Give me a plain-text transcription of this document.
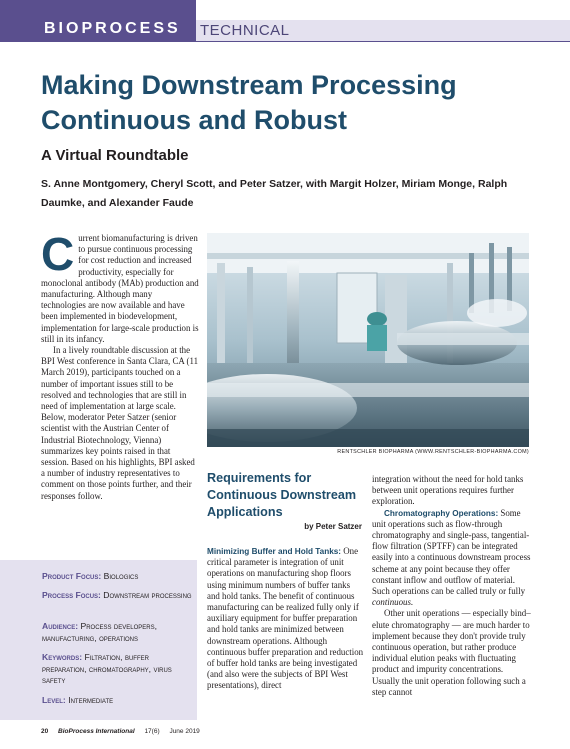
BIOPROCESS TECHNICAL
Making Downstream Processing Continuous and Robust
A Virtual Roundtable
S. Anne Montgomery, Cheryl Scott, and Peter Satzer, with Margit Holzer, Miriam Monge, Ralph Daumke, and Alexander Faude

Current biomanufacturing is driven to pursue continuous processing for cost reduction and increased productivity, especially for monoclonal antibody (MAb) production and manufacturing. Although many technologies are now available and have been implemented in biodevelopment, implementation for large-scale production is still in its infancy.

In a lively roundtable discussion at the BPI West conference in Santa Clara, CA (11 March 2019), participants touched on a number of important issues still to be resolved and technologies that are still in need of implementation at large scale. Below, moderator Peter Satzer (senior scientist with the Austrian Center of Industrial Biotechnology, Vienna) summarizes key points raised in that session. Based on his highlights, BPI asked a number of industry representatives to comment on those points further, and their responses follow.

RENTSCHLER BIOPHARMA (WWW.RENTSCHLER-BIOPHARMA.COM)
Requirements for Continuous Downstream Applications
by Peter Satzer

Minimizing Buffer and Hold Tanks: One critical parameter is integration of unit operations on manufacturing shop floors using minimum numbers of buffer tanks and hold tanks. The benefit of continuous manufacturing can be realized fully only if auxiliary equipment for buffer preparation and hold tanks are minimized between downstream operations. Although continuous buffer preparation and reduction of buffer hold tanks are being investigated (and also were the subjects of BPI West presentations), direct

integration without the need for hold tanks between unit operations requires further exploration.

Chromatography Operations: Some unit operations such as flow-through chromatography and single-pass, tangential-flow filtration (SPTFF) can be integrated easily into a continuous downstream process scheme at any point because they offer constant inflow and outflow of material. Such operations can be called truly or fully continuous.

Other unit operations — especially bind–elute chromatography — are much harder to implement because they don't provide truly continuous operation, but rather produce individual elution peaks with fluctuating product and impurity concentrations. Usually the unit operation following such a step cannot

Product Focus: Biologics
Process Focus: Downstream processing
Audience: Process developers, manufacturing, operations
Keywords: Filtration, buffer preparation, chromatography, virus safety
Level: Intermediate
20 BioProcess International 17(6) June 2019
